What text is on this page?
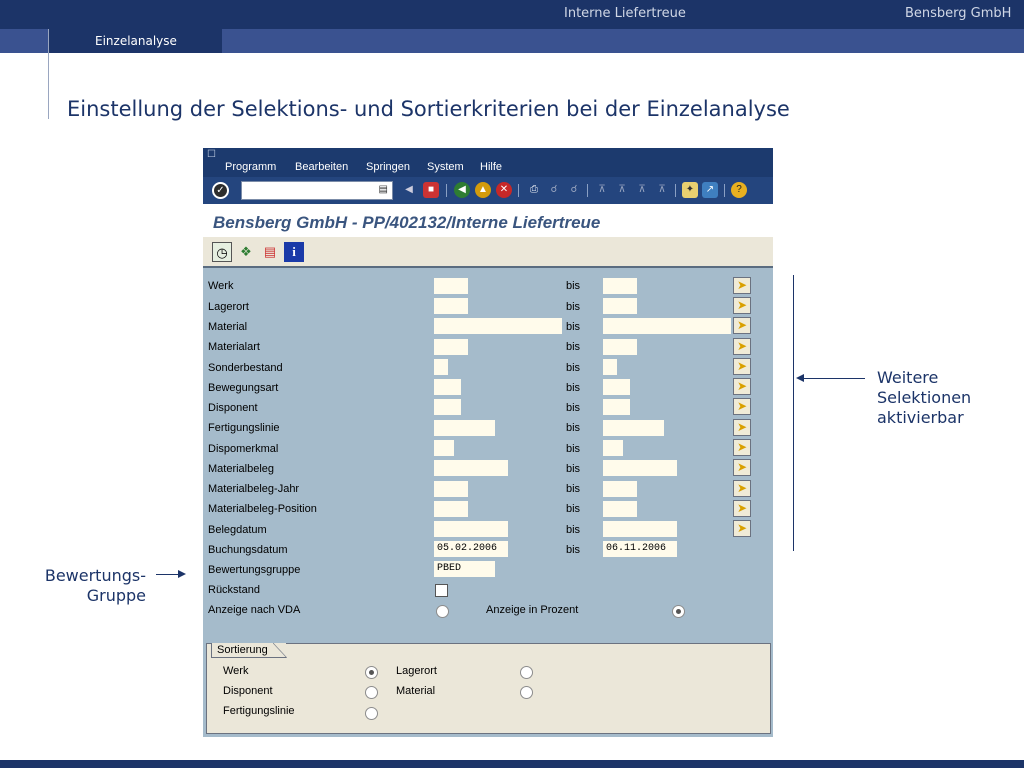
Interne Liefertreue	Bensberg GmbH
Einzelanalyse
Einstellung der Selektions- und Sortierkriterien bei der Einzelanalyse
☐
Programm Bearbeiten Springen System Hilfe
✓	▤	◀	■	◀	▲	✕	⎙	☌	☌	⊼	⊼	⊼	⊼	✦	↗	?
Bensberg GmbH - PP/402132/Interne Liefertreue
◷ ❖ ▤	i
Werk	bis	➤
Lagerort	bis	➤
Material	bis	➤
Materialart	bis	➤
Sonderbestand	bis	➤
Bewegungsart	bis	➤
Disponent	bis	➤
Fertigungslinie	bis	➤
Dispomerkmal	bis	➤
Materialbeleg	bis	➤
Materialbeleg-Jahr	bis	➤
Materialbeleg-Position	bis	➤
Belegdatum	bis	➤
Buchungsdatum	05.02.2006	bis	06.11.2006
Bewertungsgruppe	PBED
Rückstand
Anzeige nach VDA	Anzeige in Prozent
Sortierung
Werk	Lagerort
Disponent	Material
Fertigungslinie
Weitere
Selektionen
aktivierbar
Bewertungs-
Gruppe
